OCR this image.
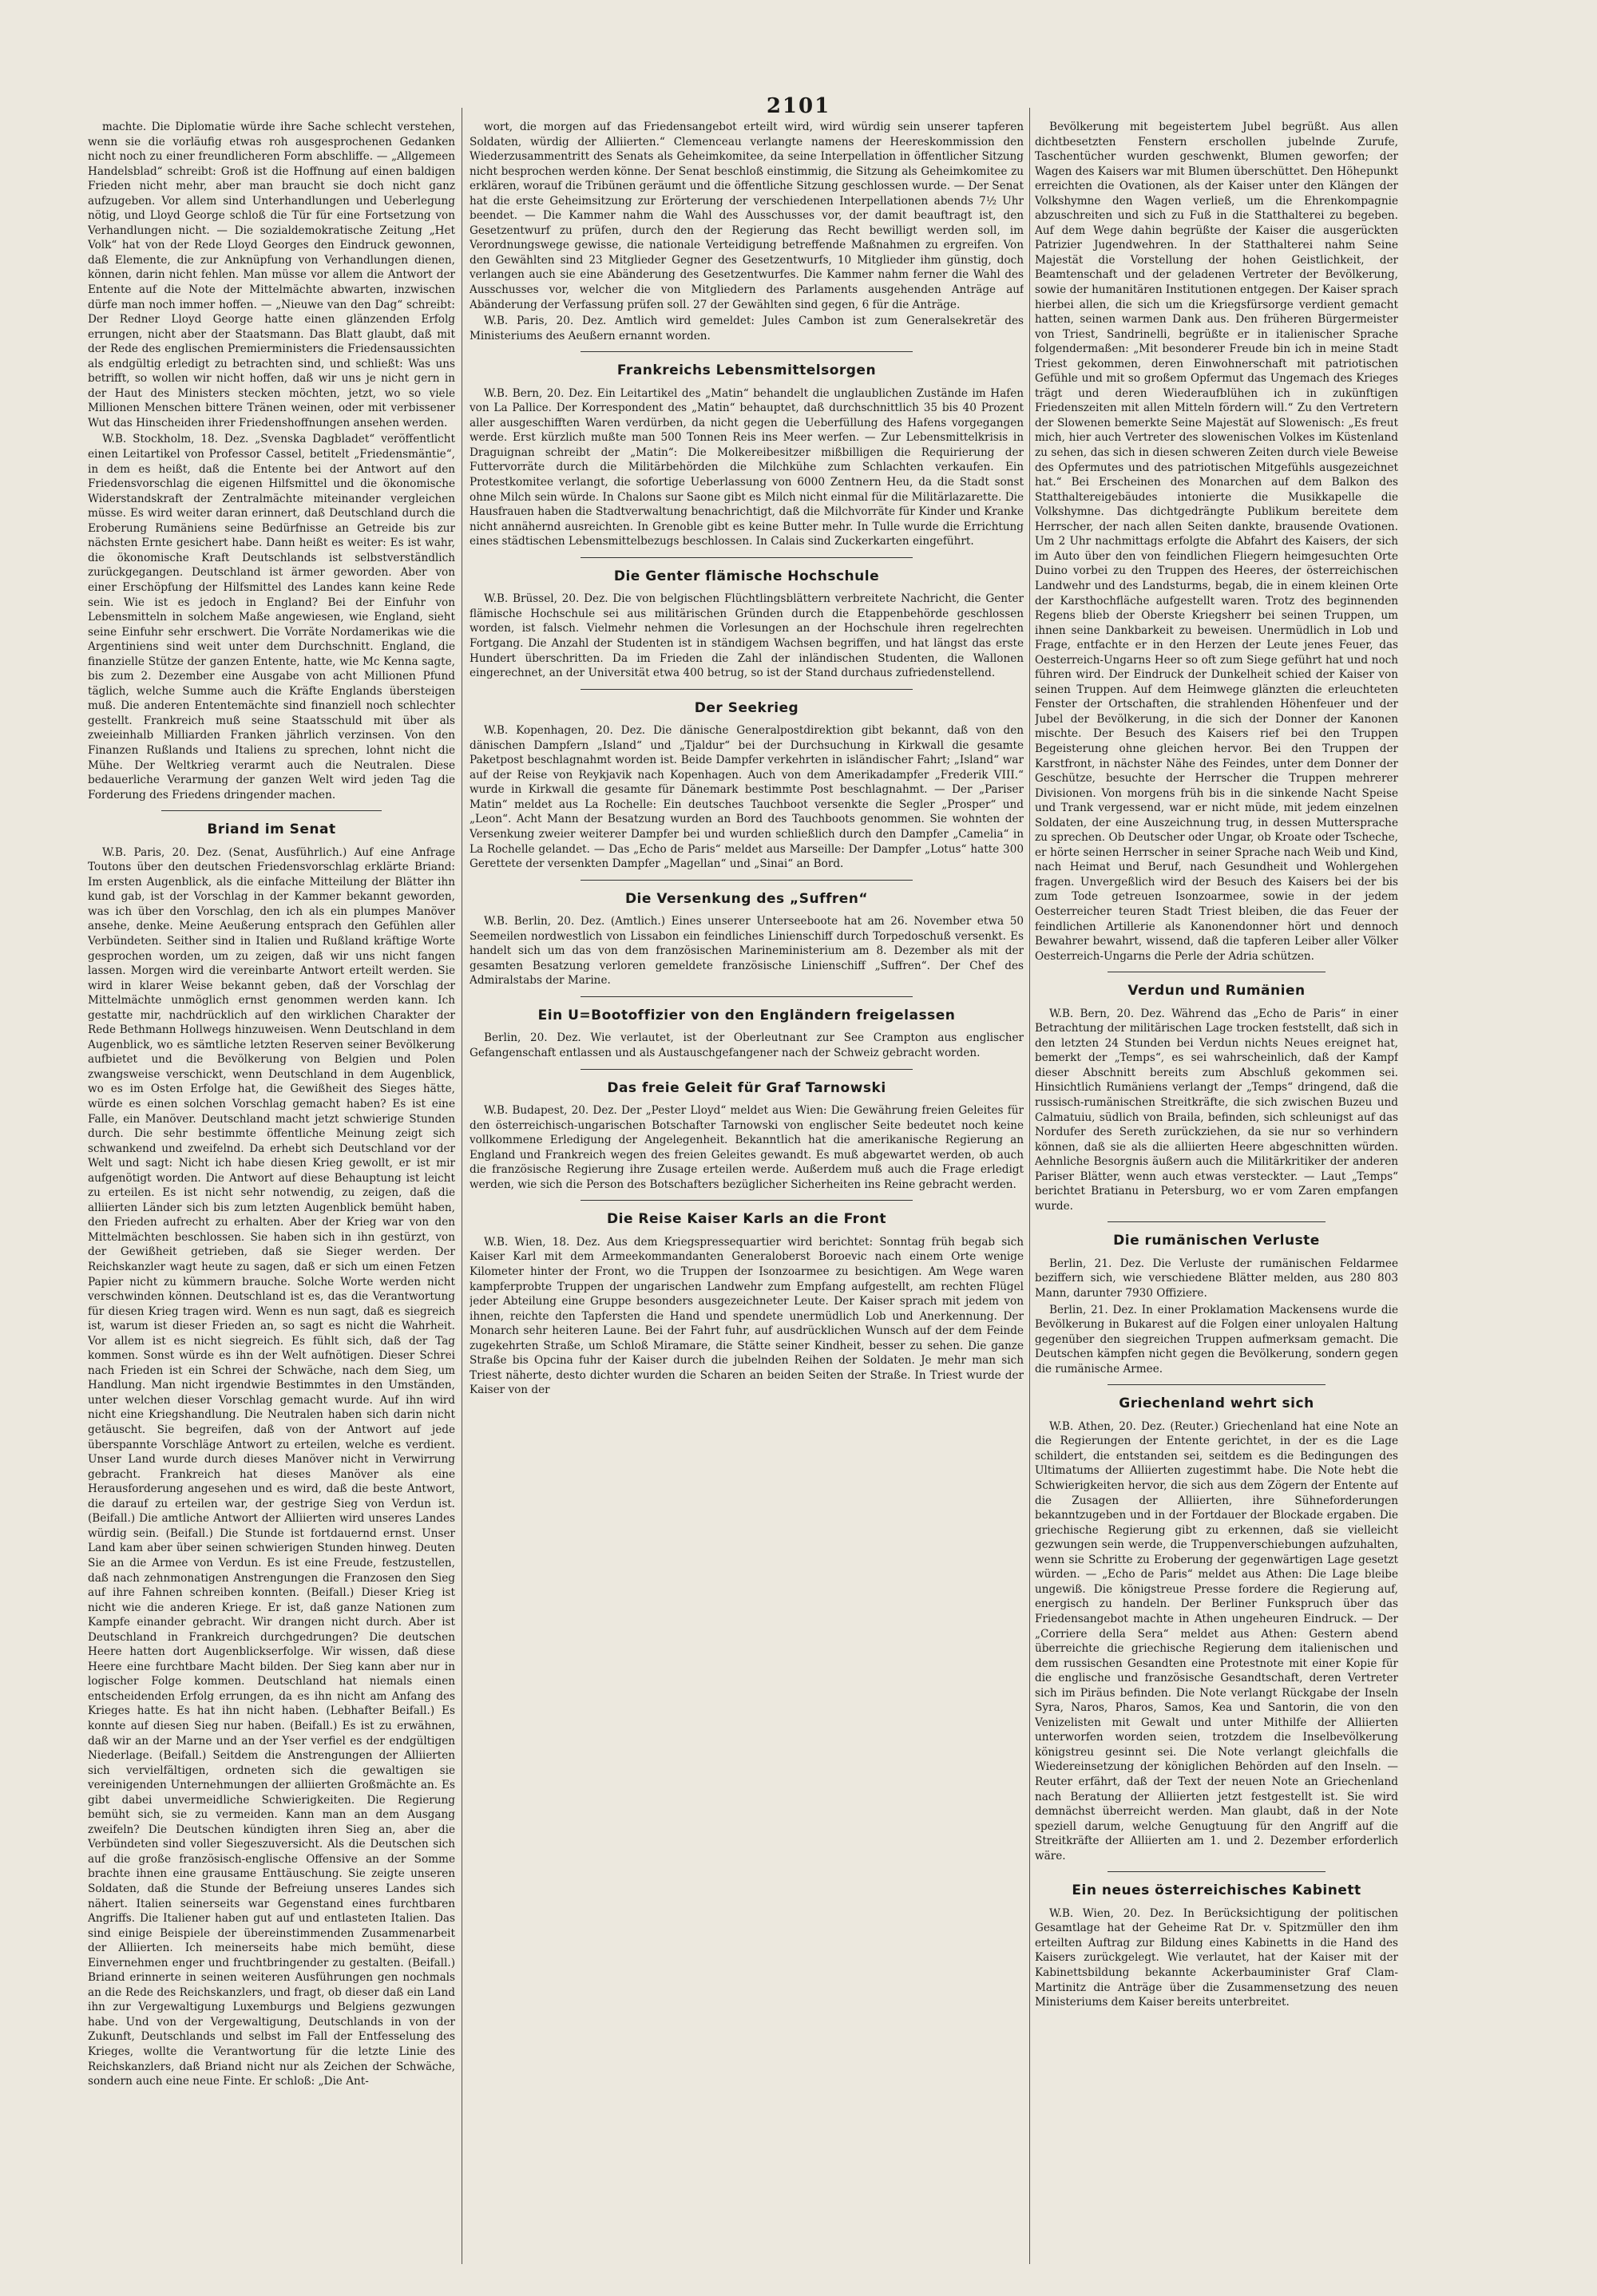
2101

machte. Die Diplomatie würde ihre Sache schlecht verstehen, wenn sie die vorläufig etwas roh ausgesprochenen Gedanken nicht noch zu einer freundlicheren Form abschliffe. — „Allgemeen Handelsblad“ schreibt: Groß ist die Hoffnung auf einen baldigen Frieden nicht mehr, aber man braucht sie doch nicht ganz aufzugeben. Vor allem sind Unterhandlungen und Ueberlegung nötig, und Lloyd George schloß die Tür für eine Fortsetzung von Verhandlungen nicht. — Die sozialdemokratische Zeitung „Het Volk“ hat von der Rede Lloyd Georges den Eindruck gewonnen, daß Elemente, die zur Anknüpfung von Verhandlungen dienen, können, darin nicht fehlen. Man müsse vor allem die Antwort der Entente auf die Note der Mittelmächte abwarten, inzwischen dürfe man noch immer hoffen. — „Nieuwe van den Dag“ schreibt: Der Redner Lloyd George hatte einen glänzenden Erfolg errungen, nicht aber der Staatsmann. Das Blatt glaubt, daß mit der Rede des englischen Premierministers die Friedensaussichten als endgültig erledigt zu betrachten sind, und schließt: Was uns betrifft, so wollen wir nicht hoffen, daß wir uns je nicht gern in der Haut des Ministers stecken möchten, jetzt, wo so viele Millionen Menschen bittere Tränen weinen, oder mit verbissener Wut das Hinscheiden ihrer Friedenshoffnungen ansehen werden.

W.B. Stockholm, 18. Dez. „Svenska Dagbladet“ veröffentlicht einen Leitartikel von Professor Cassel, betitelt „Friedensmäntie“, in dem es heißt, daß die Entente bei der Antwort auf den Friedensvorschlag die eigenen Hilfsmittel und die ökonomische Widerstandskraft der Zentralmächte miteinander vergleichen müsse. Es wird weiter daran erinnert, daß Deutschland durch die Eroberung Rumäniens seine Bedürfnisse an Getreide bis zur nächsten Ernte gesichert habe. Dann heißt es weiter: Es ist wahr, die ökonomische Kraft Deutschlands ist selbstverständlich zurückgegangen. Deutschland ist ärmer geworden. Aber von einer Erschöpfung der Hilfsmittel des Landes kann keine Rede sein. Wie ist es jedoch in England? Bei der Einfuhr von Lebensmitteln in solchem Maße angewiesen, wie England, sieht seine Einfuhr sehr erschwert. Die Vorräte Nordamerikas wie die Argentiniens sind weit unter dem Durchschnitt. England, die finanzielle Stütze der ganzen Entente, hatte, wie Mc Kenna sagte, bis zum 2. Dezember eine Ausgabe von acht Millionen Pfund täglich, welche Summe auch die Kräfte Englands übersteigen muß. Die anderen Ententemächte sind finanziell noch schlechter gestellt. Frankreich muß seine Staatsschuld mit über als zweieinhalb Milliarden Franken jährlich verzinsen. Von den Finanzen Rußlands und Italiens zu sprechen, lohnt nicht die Mühe. Der Weltkrieg verarmt auch die Neutralen. Diese bedauerliche Verarmung der ganzen Welt wird jeden Tag die Forderung des Friedens dringender machen.

Briand im Senat

W.B. Paris, 20. Dez. (Senat, Ausführlich.) Auf eine Anfrage Toutons über den deutschen Friedensvorschlag erklärte Briand: Im ersten Augenblick, als die einfache Mitteilung der Blätter ihn kund gab, ist der Vorschlag in der Kammer bekannt geworden, was ich über den Vorschlag, den ich als ein plumpes Manöver ansehe, denke. Meine Aeußerung entsprach den Gefühlen aller Verbündeten. Seither sind in Italien und Rußland kräftige Worte gesprochen worden, um zu zeigen, daß wir uns nicht fangen lassen. Morgen wird die vereinbarte Antwort erteilt werden. Sie wird in klarer Weise bekannt geben, daß der Vorschlag der Mittelmächte unmöglich ernst genommen werden kann. Ich gestatte mir, nachdrücklich auf den wirklichen Charakter der Rede Bethmann Hollwegs hinzuweisen. Wenn Deutschland in dem Augenblick, wo es sämtliche letzten Reserven seiner Bevölkerung aufbietet und die Bevölkerung von Belgien und Polen zwangsweise verschickt, wenn Deutschland in dem Augenblick, wo es im Osten Erfolge hat, die Gewißheit des Sieges hätte, würde es einen solchen Vorschlag gemacht haben? Es ist eine Falle, ein Manöver. Deutschland macht jetzt schwierige Stunden durch. Die sehr bestimmte öffentliche Meinung zeigt sich schwankend und zweifelnd. Da erhebt sich Deutschland vor der Welt und sagt: Nicht ich habe diesen Krieg gewollt, er ist mir aufgenötigt worden. Die Antwort auf diese Behauptung ist leicht zu erteilen. Es ist nicht sehr notwendig, zu zeigen, daß die alliierten Länder sich bis zum letzten Augenblick bemüht haben, den Frieden aufrecht zu erhalten. Aber der Krieg war von den Mittelmächten beschlossen. Sie haben sich in ihn gestürzt, von der Gewißheit getrieben, daß sie Sieger werden. Der Reichskanzler wagt heute zu sagen, daß er sich um einen Fetzen Papier nicht zu kümmern brauche. Solche Worte werden nicht verschwinden können. Deutschland ist es, das die Verantwortung für diesen Krieg tragen wird. Wenn es nun sagt, daß es siegreich ist, warum ist dieser Frieden an, so sagt es nicht die Wahrheit. Vor allem ist es nicht siegreich. Es fühlt sich, daß der Tag kommen. Sonst würde es ihn der Welt aufnötigen. Dieser Schrei nach Frieden ist ein Schrei der Schwäche, nach dem Sieg, um Handlung. Man nicht irgendwie Bestimmtes in den Umständen, unter welchen dieser Vorschlag gemacht wurde. Auf ihn wird nicht eine Kriegshandlung. Die Neutralen haben sich darin nicht getäuscht. Sie begreifen, daß von der Antwort auf jede überspannte Vorschläge Antwort zu erteilen, welche es verdient. Unser Land wurde durch dieses Manöver nicht in Verwirrung gebracht. Frankreich hat dieses Manöver als eine Herausforderung angesehen und es wird, daß die beste Antwort, die darauf zu erteilen war, der gestrige Sieg von Verdun ist. (Beifall.) Die amtliche Antwort der Alliierten wird unseres Landes würdig sein. (Beifall.) Die Stunde ist fortdauernd ernst. Unser Land kam aber über seinen schwierigen Stunden hinweg. Deuten Sie an die Armee von Verdun. Es ist eine Freude, festzustellen, daß nach zehnmonatigen Anstrengungen die Franzosen den Sieg auf ihre Fahnen schreiben konnten. (Beifall.) Dieser Krieg ist nicht wie die anderen Kriege. Er ist, daß ganze Nationen zum Kampfe einander gebracht. Wir drangen nicht durch. Aber ist Deutschland in Frankreich durchgedrungen? Die deutschen Heere hatten dort Augenblickserfolge. Wir wissen, daß diese Heere eine furchtbare Macht bilden. Der Sieg kann aber nur in logischer Folge kommen. Deutschland hat niemals einen entscheidenden Erfolg errungen, da es ihn nicht am Anfang des Krieges hatte. Es hat ihn nicht haben. (Lebhafter Beifall.) Es konnte auf diesen Sieg nur haben. (Beifall.) Es ist zu erwähnen, daß wir an der Marne und an der Yser verfiel es der endgültigen Niederlage. (Beifall.) Seitdem die Anstrengungen der Alliierten sich vervielfältigen, ordneten sich die gewaltigen sie vereinigenden Unternehmungen der alliierten Großmächte an. Es gibt dabei unvermeidliche Schwierigkeiten. Die Regierung bemüht sich, sie zu vermeiden. Kann man an dem Ausgang zweifeln? Die Deutschen kündigten ihren Sieg an, aber die Verbündeten sind voller Siegeszuversicht. Als die Deutschen sich auf die große französisch-englische Offensive an der Somme brachte ihnen eine grausame Enttäuschung. Sie zeigte unseren Soldaten, daß die Stunde der Befreiung unseres Landes sich nähert. Italien seinerseits war Gegenstand eines furchtbaren Angriffs. Die Italiener haben gut auf und entlasteten Italien. Das sind einige Beispiele der übereinstimmenden Zusammenarbeit der Alliierten. Ich meinerseits habe mich bemüht, diese Einvernehmen enger und fruchtbringender zu gestalten. (Beifall.) Briand erinnerte in seinen weiteren Ausführungen gen nochmals an die Rede des Reichskanzlers, und fragt, ob dieser daß ein Land ihn zur Vergewaltigung Luxemburgs und Belgiens gezwungen habe. Und von der Vergewaltigung, Deutschlands in von der Zukunft, Deutschlands und selbst im Fall der Entfesselung des Krieges, wollte die Verantwortung für die letzte Linie des Reichskanzlers, daß Briand nicht nur als Zeichen der Schwäche, sondern auch eine neue Finte. Er schloß: „Die Ant-

wort, die morgen auf das Friedensangebot erteilt wird, wird würdig sein unserer tapferen Soldaten, würdig der Alliierten.“ Clemenceau verlangte namens der Heereskommission den Wiederzusammentritt des Senats als Geheimkomitee, da seine Interpellation in öffentlicher Sitzung nicht besprochen werden könne. Der Senat beschloß einstimmig, die Sitzung als Geheimkomitee zu erklären, worauf die Tribünen geräumt und die öffentliche Sitzung geschlossen wurde. — Der Senat hat die erste Geheimsitzung zur Erörterung der verschiedenen Interpellationen abends 7½ Uhr beendet. — Die Kammer nahm die Wahl des Ausschusses vor, der damit beauftragt ist, den Gesetzentwurf zu prüfen, durch den der Regierung das Recht bewilligt werden soll, im Verordnungswege gewisse, die nationale Verteidigung betreffende Maßnahmen zu ergreifen. Von den Gewählten sind 23 Mitglieder Gegner des Gesetzentwurfs, 10 Mitglieder ihm günstig, doch verlangen auch sie eine Abänderung des Gesetzentwurfes. Die Kammer nahm ferner die Wahl des Ausschusses vor, welcher die von Mitgliedern des Parlaments ausgehenden Anträge auf Abänderung der Verfassung prüfen soll. 27 der Gewählten sind gegen, 6 für die Anträge.

W.B. Paris, 20. Dez. Amtlich wird gemeldet: Jules Cambon ist zum Generalsekretär des Ministeriums des Aeußern ernannt worden.

Frankreichs Lebensmittelsorgen

W.B. Bern, 20. Dez. Ein Leitartikel des „Matin“ behandelt die unglaublichen Zustände im Hafen von La Pallice. Der Korrespondent des „Matin“ behauptet, daß durchschnittlich 35 bis 40 Prozent aller ausgeschifften Waren verdürben, da nicht gegen die Ueberfüllung des Hafens vorgegangen werde. Erst kürzlich mußte man 500 Tonnen Reis ins Meer werfen. — Zur Lebensmittelkrisis in Draguignan schreibt der „Matin“: Die Molkereibesitzer mißbilligen die Requirierung der Futtervorräte durch die Militärbehörden die Milchkühe zum Schlachten verkaufen. Ein Protestkomitee verlangt, die sofortige Ueberlassung von 6000 Zentnern Heu, da die Stadt sonst ohne Milch sein würde. In Chalons sur Saone gibt es Milch nicht einmal für die Militärlazarette. Die Hausfrauen haben die Stadtverwaltung benachrichtigt, daß die Milchvorräte für Kinder und Kranke nicht annähernd ausreichten. In Grenoble gibt es keine Butter mehr. In Tulle wurde die Errichtung eines städtischen Lebensmittelbezugs beschlossen. In Calais sind Zuckerkarten eingeführt.

Die Genter flämische Hochschule

W.B. Brüssel, 20. Dez. Die von belgischen Flüchtlingsblättern verbreitete Nachricht, die Genter flämische Hochschule sei aus militärischen Gründen durch die Etappenbehörde geschlossen worden, ist falsch. Vielmehr nehmen die Vorlesungen an der Hochschule ihren regelrechten Fortgang. Die Anzahl der Studenten ist in ständigem Wachsen begriffen, und hat längst das erste Hundert überschritten. Da im Frieden die Zahl der inländischen Studenten, die Wallonen eingerechnet, an der Universität etwa 400 betrug, so ist der Stand durchaus zufriedenstellend.

Der Seekrieg

W.B. Kopenhagen, 20. Dez. Die dänische Generalpostdirektion gibt bekannt, daß von den dänischen Dampfern „Island“ und „Tjaldur“ bei der Durchsuchung in Kirkwall die gesamte Paketpost beschlagnahmt worden ist. Beide Dampfer verkehrten in isländischer Fahrt; „Island“ war auf der Reise von Reykjavik nach Kopenhagen. Auch von dem Amerikadampfer „Frederik VIII.“ wurde in Kirkwall die gesamte für Dänemark bestimmte Post beschlagnahmt. — Der „Pariser Matin“ meldet aus La Rochelle: Ein deutsches Tauchboot versenkte die Segler „Prosper“ und „Leon“. Acht Mann der Besatzung wurden an Bord des Tauchboots genommen. Sie wohnten der Versenkung zweier weiterer Dampfer bei und wurden schließlich durch den Dampfer „Camelia“ in La Rochelle gelandet. — Das „Echo de Paris“ meldet aus Marseille: Der Dampfer „Lotus“ hatte 300 Gerettete der versenkten Dampfer „Magellan“ und „Sinai“ an Bord.

Die Versenkung des „Suffren“

W.B. Berlin, 20. Dez. (Amtlich.) Eines unserer Unterseeboote hat am 26. November etwa 50 Seemeilen nordwestlich von Lissabon ein feindliches Linienschiff durch Torpedoschuß versenkt. Es handelt sich um das von dem französischen Marineministerium am 8. Dezember als mit der gesamten Besatzung verloren gemeldete französische Linienschiff „Suffren“. Der Chef des Admiralstabs der Marine.

Ein U=Bootoffizier von den Engländern freigelassen

Berlin, 20. Dez. Wie verlautet, ist der Oberleutnant zur See Crampton aus englischer Gefangenschaft entlassen und als Austauschgefangener nach der Schweiz gebracht worden.

Das freie Geleit für Graf Tarnowski

W.B. Budapest, 20. Dez. Der „Pester Lloyd“ meldet aus Wien: Die Gewährung freien Geleites für den österreichisch-ungarischen Botschafter Tarnowski von englischer Seite bedeutet noch keine vollkommene Erledigung der Angelegenheit. Bekanntlich hat die amerikanische Regierung an England und Frankreich wegen des freien Geleites gewandt. Es muß abgewartet werden, ob auch die französische Regierung ihre Zusage erteilen werde. Außerdem muß auch die Frage erledigt werden, wie sich die Person des Botschafters bezüglicher Sicherheiten ins Reine gebracht werden.

Die Reise Kaiser Karls an die Front

W.B. Wien, 18. Dez. Aus dem Kriegspressequartier wird berichtet: Sonntag früh begab sich Kaiser Karl mit dem Armeekommandanten Generaloberst Boroevic nach einem Orte wenige Kilometer hinter der Front, wo die Truppen der Isonzoarmee zu besichtigen. Am Wege waren kampferprobte Truppen der ungarischen Landwehr zum Empfang aufgestellt, am rechten Flügel jeder Abteilung eine Gruppe besonders ausgezeichneter Leute. Der Kaiser sprach mit jedem von ihnen, reichte den Tapfersten die Hand und spendete unermüdlich Lob und Anerkennung. Der Monarch sehr heiteren Laune. Bei der Fahrt fuhr, auf ausdrücklichen Wunsch auf der dem Feinde zugekehrten Straße, um Schloß Miramare, die Stätte seiner Kindheit, besser zu sehen. Die ganze Straße bis Opcina fuhr der Kaiser durch die jubelnden Reihen der Soldaten. Je mehr man sich Triest näherte, desto dichter wurden die Scharen an beiden Seiten der Straße. In Triest wurde der Kaiser von der

Bevölkerung mit begeistertem Jubel begrüßt. Aus allen dichtbesetzten Fenstern erschollen jubelnde Zurufe, Taschentücher wurden geschwenkt, Blumen geworfen; der Wagen des Kaisers war mit Blumen überschüttet. Den Höhepunkt erreichten die Ovationen, als der Kaiser unter den Klängen der Volkshymne den Wagen verließ, um die Ehrenkompagnie abzuschreiten und sich zu Fuß in die Statthalterei zu begeben. Auf dem Wege dahin begrüßte der Kaiser die ausgerückten Patrizier Jugendwehren. In der Statthalterei nahm Seine Majestät die Vorstellung der hohen Geistlichkeit, der Beamtenschaft und der geladenen Vertreter der Bevölkerung, sowie der humanitären Institutionen entgegen. Der Kaiser sprach hierbei allen, die sich um die Kriegsfürsorge verdient gemacht hatten, seinen warmen Dank aus. Den früheren Bürgermeister von Triest, Sandrinelli, begrüßte er in italienischer Sprache folgendermaßen: „Mit besonderer Freude bin ich in meine Stadt Triest gekommen, deren Einwohnerschaft mit patriotischen Gefühle und mit so großem Opfermut das Ungemach des Krieges trägt und deren Wiederaufblühen ich in zukünftigen Friedenszeiten mit allen Mitteln fördern will.“ Zu den Vertretern der Slowenen bemerkte Seine Majestät auf Slowenisch: „Es freut mich, hier auch Vertreter des slowenischen Volkes im Küstenland zu sehen, das sich in diesen schweren Zeiten durch viele Beweise des Opfermutes und des patriotischen Mitgefühls ausgezeichnet hat.“ Bei Erscheinen des Monarchen auf dem Balkon des Statthaltereigebäudes intonierte die Musikkapelle die Volkshymne. Das dichtgedrängte Publikum bereitete dem Herrscher, der nach allen Seiten dankte, brausende Ovationen. Um 2 Uhr nachmittags erfolgte die Abfahrt des Kaisers, der sich im Auto über den von feindlichen Fliegern heimgesuchten Orte Duino vorbei zu den Truppen des Heeres, der österreichischen Landwehr und des Landsturms, begab, die in einem kleinen Orte der Karsthochfläche aufgestellt waren. Trotz des beginnenden Regens blieb der Oberste Kriegsherr bei seinen Truppen, um ihnen seine Dankbarkeit zu beweisen. Unermüdlich in Lob und Frage, entfachte er in den Herzen der Leute jenes Feuer, das Oesterreich-Ungarns Heer so oft zum Siege geführt hat und noch führen wird. Der Eindruck der Dunkelheit schied der Kaiser von seinen Truppen. Auf dem Heimwege glänzten die erleuchteten Fenster der Ortschaften, die strahlenden Höhenfeuer und der Jubel der Bevölkerung, in die sich der Donner der Kanonen mischte. Der Besuch des Kaisers rief bei den Truppen Begeisterung ohne gleichen hervor. Bei den Truppen der Karstfront, in nächster Nähe des Feindes, unter dem Donner der Geschütze, besuchte der Herrscher die Truppen mehrerer Divisionen. Von morgens früh bis in die sinkende Nacht Speise und Trank vergessend, war er nicht müde, mit jedem einzelnen Soldaten, der eine Auszeichnung trug, in dessen Muttersprache zu sprechen. Ob Deutscher oder Ungar, ob Kroate oder Tscheche, er hörte seinen Herrscher in seiner Sprache nach Weib und Kind, nach Heimat und Beruf, nach Gesundheit und Wohlergehen fragen. Unvergeßlich wird der Besuch des Kaisers bei der bis zum Tode getreuen Isonzoarmee, sowie in der jedem Oesterreicher teuren Stadt Triest bleiben, die das Feuer der feindlichen Artillerie als Kanonendonner hört und dennoch Bewahrer bewahrt, wissend, daß die tapferen Leiber aller Völker Oesterreich-Ungarns die Perle der Adria schützen.

Verdun und Rumänien

W.B. Bern, 20. Dez. Während das „Echo de Paris“ in einer Betrachtung der militärischen Lage trocken feststellt, daß sich in den letzten 24 Stunden bei Verdun nichts Neues ereignet hat, bemerkt der „Temps“, es sei wahrscheinlich, daß der Kampf dieser Abschnitt bereits zum Abschluß gekommen sei. Hinsichtlich Rumäniens verlangt der „Temps“ dringend, daß die russisch-rumänischen Streitkräfte, die sich zwischen Buzeu und Calmatuiu, südlich von Braila, befinden, sich schleunigst auf das Nordufer des Sereth zurückziehen, da sie nur so verhindern können, daß sie als die alliierten Heere abgeschnitten würden. Aehnliche Besorgnis äußern auch die Militärkritiker der anderen Pariser Blätter, wenn auch etwas versteckter. — Laut „Temps“ berichtet Bratianu in Petersburg, wo er vom Zaren empfangen wurde.

Die rumänischen Verluste

Berlin, 21. Dez. Die Verluste der rumänischen Feldarmee beziffern sich, wie verschiedene Blätter melden, aus 280 803 Mann, darunter 7930 Offiziere.

Berlin, 21. Dez. In einer Proklamation Mackensens wurde die Bevölkerung in Bukarest auf die Folgen einer unloyalen Haltung gegenüber den siegreichen Truppen aufmerksam gemacht. Die Deutschen kämpfen nicht gegen die Bevölkerung, sondern gegen die rumänische Armee.

Griechenland wehrt sich

W.B. Athen, 20. Dez. (Reuter.) Griechenland hat eine Note an die Regierungen der Entente gerichtet, in der es die Lage schildert, die entstanden sei, seitdem es die Bedingungen des Ultimatums der Alliierten zugestimmt habe. Die Note hebt die Schwierigkeiten hervor, die sich aus dem Zögern der Entente auf die Zusagen der Alliierten, ihre Sühneforderungen bekanntzugeben und in der Fortdauer der Blockade ergaben. Die griechische Regierung gibt zu erkennen, daß sie vielleicht gezwungen sein werde, die Truppenverschiebungen aufzuhalten, wenn sie Schritte zu Eroberung der gegenwärtigen Lage gesetzt würden. — „Echo de Paris“ meldet aus Athen: Die Lage bleibe ungewiß. Die königstreue Presse fordere die Regierung auf, energisch zu handeln. Der Berliner Funkspruch über das Friedensangebot machte in Athen ungeheuren Eindruck. — Der „Corriere della Sera“ meldet aus Athen: Gestern abend überreichte die griechische Regierung dem italienischen und dem russischen Gesandten eine Protestnote mit einer Kopie für die englische und französische Gesandtschaft, deren Vertreter sich im Piräus befinden. Die Note verlangt Rückgabe der Inseln Syra, Naros, Pharos, Samos, Kea und Santorin, die von den Venizelisten mit Gewalt und unter Mithilfe der Alliierten unterworfen worden seien, trotzdem die Inselbevölkerung königstreu gesinnt sei. Die Note verlangt gleichfalls die Wiedereinsetzung der königlichen Behörden auf den Inseln. — Reuter erfährt, daß der Text der neuen Note an Griechenland nach Beratung der Alliierten jetzt festgestellt ist. Sie wird demnächst überreicht werden. Man glaubt, daß in der Note speziell darum, welche Genugtuung für den Angriff auf die Streitkräfte der Alliierten am 1. und 2. Dezember erforderlich wäre.

Ein neues österreichisches Kabinett

W.B. Wien, 20. Dez. In Berücksichtigung der politischen Gesamtlage hat der Geheime Rat Dr. v. Spitzmüller den ihm erteilten Auftrag zur Bildung eines Kabinetts in die Hand des Kaisers zurückgelegt. Wie verlautet, hat der Kaiser mit der Kabinettsbildung bekannte Ackerbauminister Graf Clam-Martinitz die Anträge über die Zusammensetzung des neuen Ministeriums dem Kaiser bereits unterbreitet.
